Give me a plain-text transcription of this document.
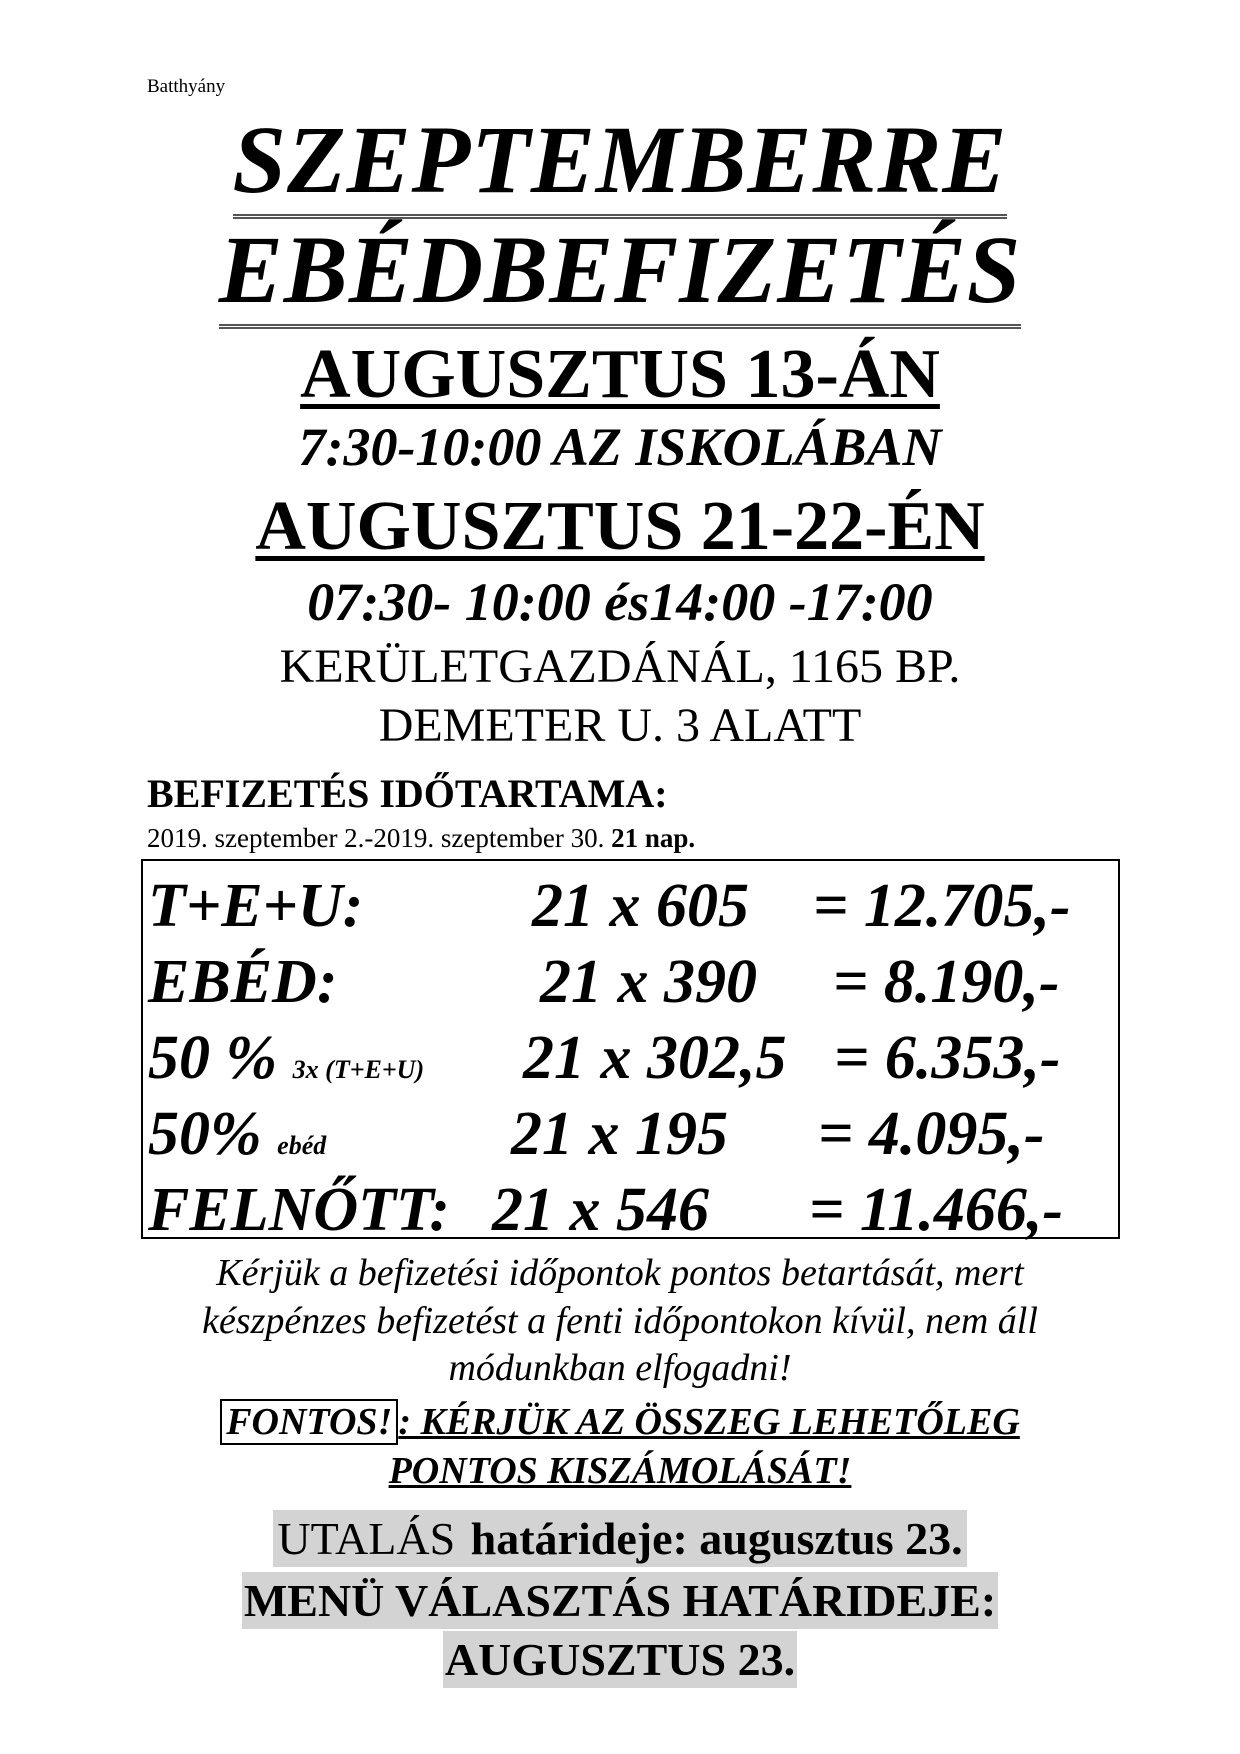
Batthyány
SZEPTEMBERRE
EBÉDBEFIZETÉS
AUGUSZTUS 13-ÁN
7:30-10:00 AZ ISKOLÁBAN
AUGUSZTUS 21-22-ÉN
07:30- 10:00 és14:00 -17:00
KERÜLETGAZDÁNÁL, 1165 BP.
DEMETER U. 3 ALATT
BEFIZETÉS IDŐTARTAMA:
2019. szeptember 2.-2019. szeptember 30. 21 nap.
T+E+U:	21 x 605 = 12.705,-
EBÉD:	21 x 390 = 8.190,-
50 % 3x (T+E+U) 21 x 302,5 = 6.353,-
50% ebéd	21 x 195 = 4.095,-
FELNŐTT: 21 x 546 = 11.466,-
Kérjük a befizetési időpontok pontos betartását, mert
készpénzes befizetést a fenti időpontokon kívül, nem áll
módunkban elfogadni!
FONTOS! : KÉRJÜK AZ ÖSSZEG LEHETŐLEG
PONTOS KISZÁMOLÁSÁT!
UTALÁS határideje: augusztus 23.
MENÜ VÁLASZTÁS HATÁRIDEJE:
AUGUSZTUS 23.
